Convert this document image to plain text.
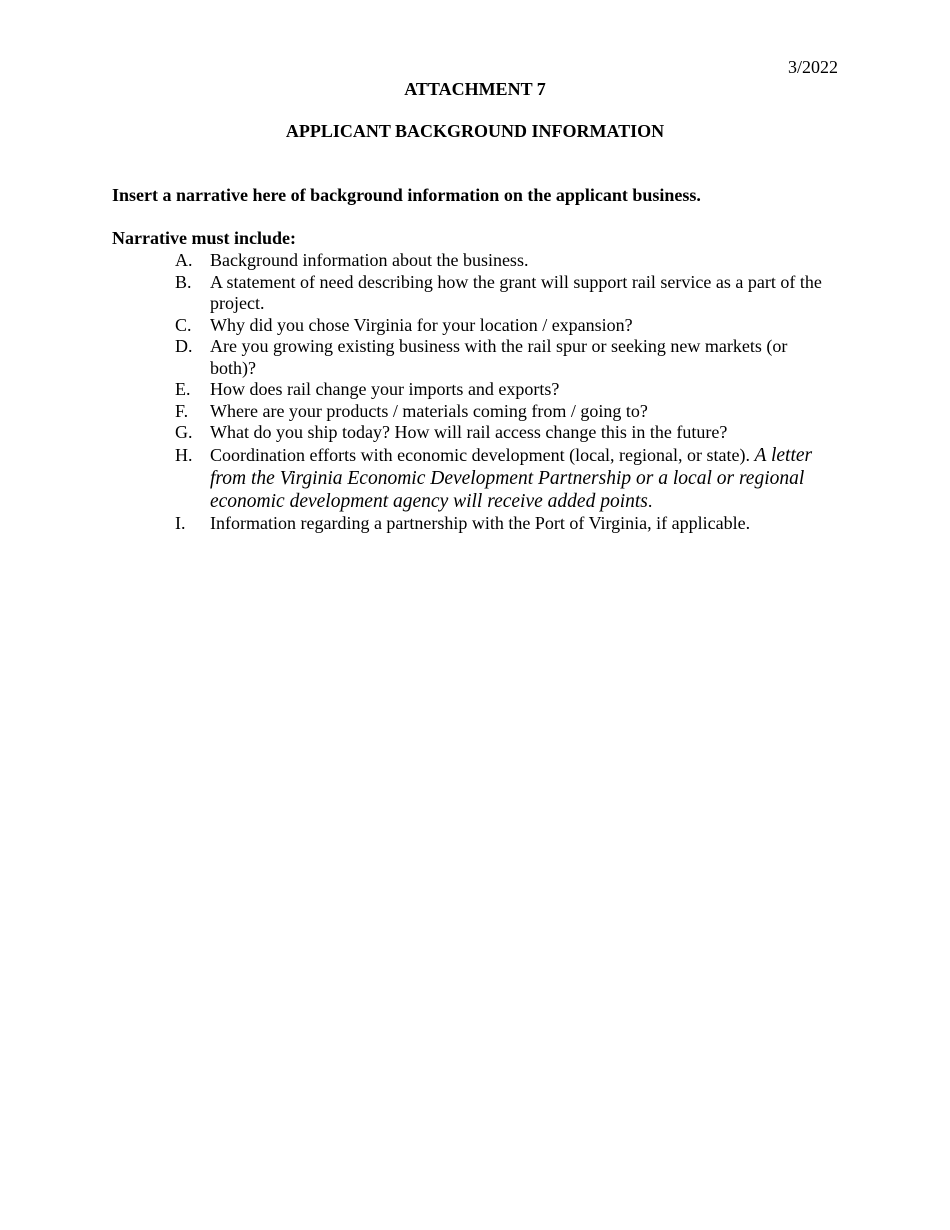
3/2022
ATTACHMENT 7
APPLICANT BACKGROUND INFORMATION
Insert a narrative here of background information on the applicant business.
Narrative must include:
A. Background information about the business.
B.	A statement of need describing how the grant will support rail service as a part of the project.
C.	Why did you chose Virginia for your location / expansion?
D. Are you growing existing business with the rail spur or seeking new markets (or both)?
E.	How does rail change your imports and exports?
F.	Where are your products / materials coming from / going to?
G. What do you ship today? How will rail access change this in the future?
H. Coordination efforts with economic development (local, regional, or state). A letter from the Virginia Economic Development Partnership or a local or regional economic development agency will receive added points.
I.	Information regarding a partnership with the Port of Virginia, if applicable.
